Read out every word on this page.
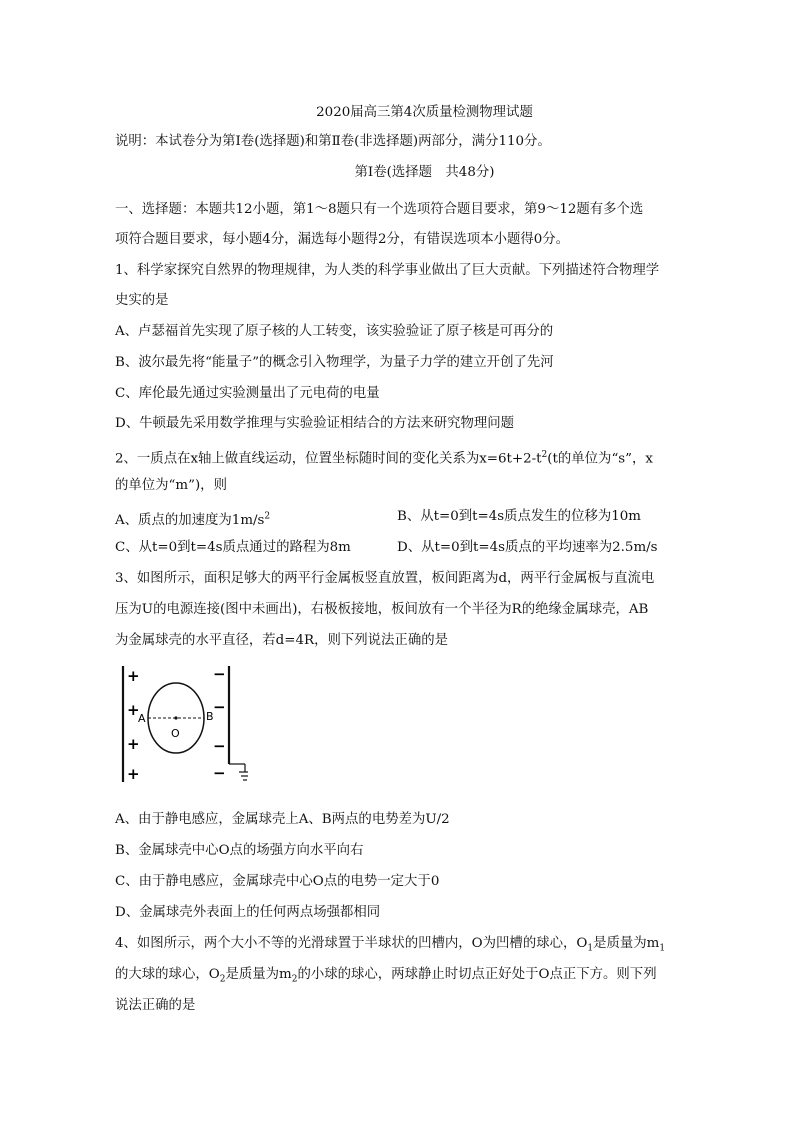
2020届高三第4次质量检测物理试题
说明：本试卷分为第Ⅰ卷(选择题)和第Ⅱ卷(非选择题)两部分，满分110分。
第Ⅰ卷(选择题　共48分)
一、选择题：本题共12小题，第1～8题只有一个选项符合题目要求，第9～12题有多个选
项符合题目要求，每小题4分，漏选每小题得2分，有错误选项本小题得0分。
1、科学家探究自然界的物理规律，为人类的科学事业做出了巨大贡献。下列描述符合物理学
史实的是
A、卢瑟福首先实现了原子核的人工转变，该实验验证了原子核是可再分的
B、波尔最先将“能量子”的概念引入物理学，为量子力学的建立开创了先河
C、库伦最先通过实验测量出了元电荷的电量
D、牛顿最先采用数学推理与实验验证相结合的方法来研究物理问题
2、一质点在x轴上做直线运动，位置坐标随时间的变化关系为$x=6t+2-t^2(t$的单位为“s”，x
的单位为“m”)，则
A、质点的加速度为$1m/s^2$	B、从t=0到t=4s质点发生的位移为10m
C、从t=0到t=4s质点通过的路程为8m	D、从t=0到t=4s质点的平均速率为2.5m/s
3、如图所示，面积足够大的两平行金属板竖直放置，板间距离为d，两平行金属板与直流电
压为U的电源连接(图中未画出)，右极板接地，板间放有一个半径为R的绝缘金属球壳，AB
为金属球壳的水平直径，若d=4R，则下列说法正确的是
+
+
+
+
−
−
−
−
A	B
O
A、由于静电感应，金属球壳上A、B两点的电势差为U/2
B、金属球壳中心O点的场强方向水平向右
C、由于静电感应，金属球壳中心O点的电势一定大于0
D、金属球壳外表面上的任何两点场强都相同
4、如图所示，两个大小不等的光滑球置于半球状的凹槽内，O为凹槽的球心，$O_1$是质量为$m_1$
的大球的球心，$O_2$是质量为$m_2$的小球的球心，两球静止时切点正好处于O点正下方。则下列
说法正确的是
